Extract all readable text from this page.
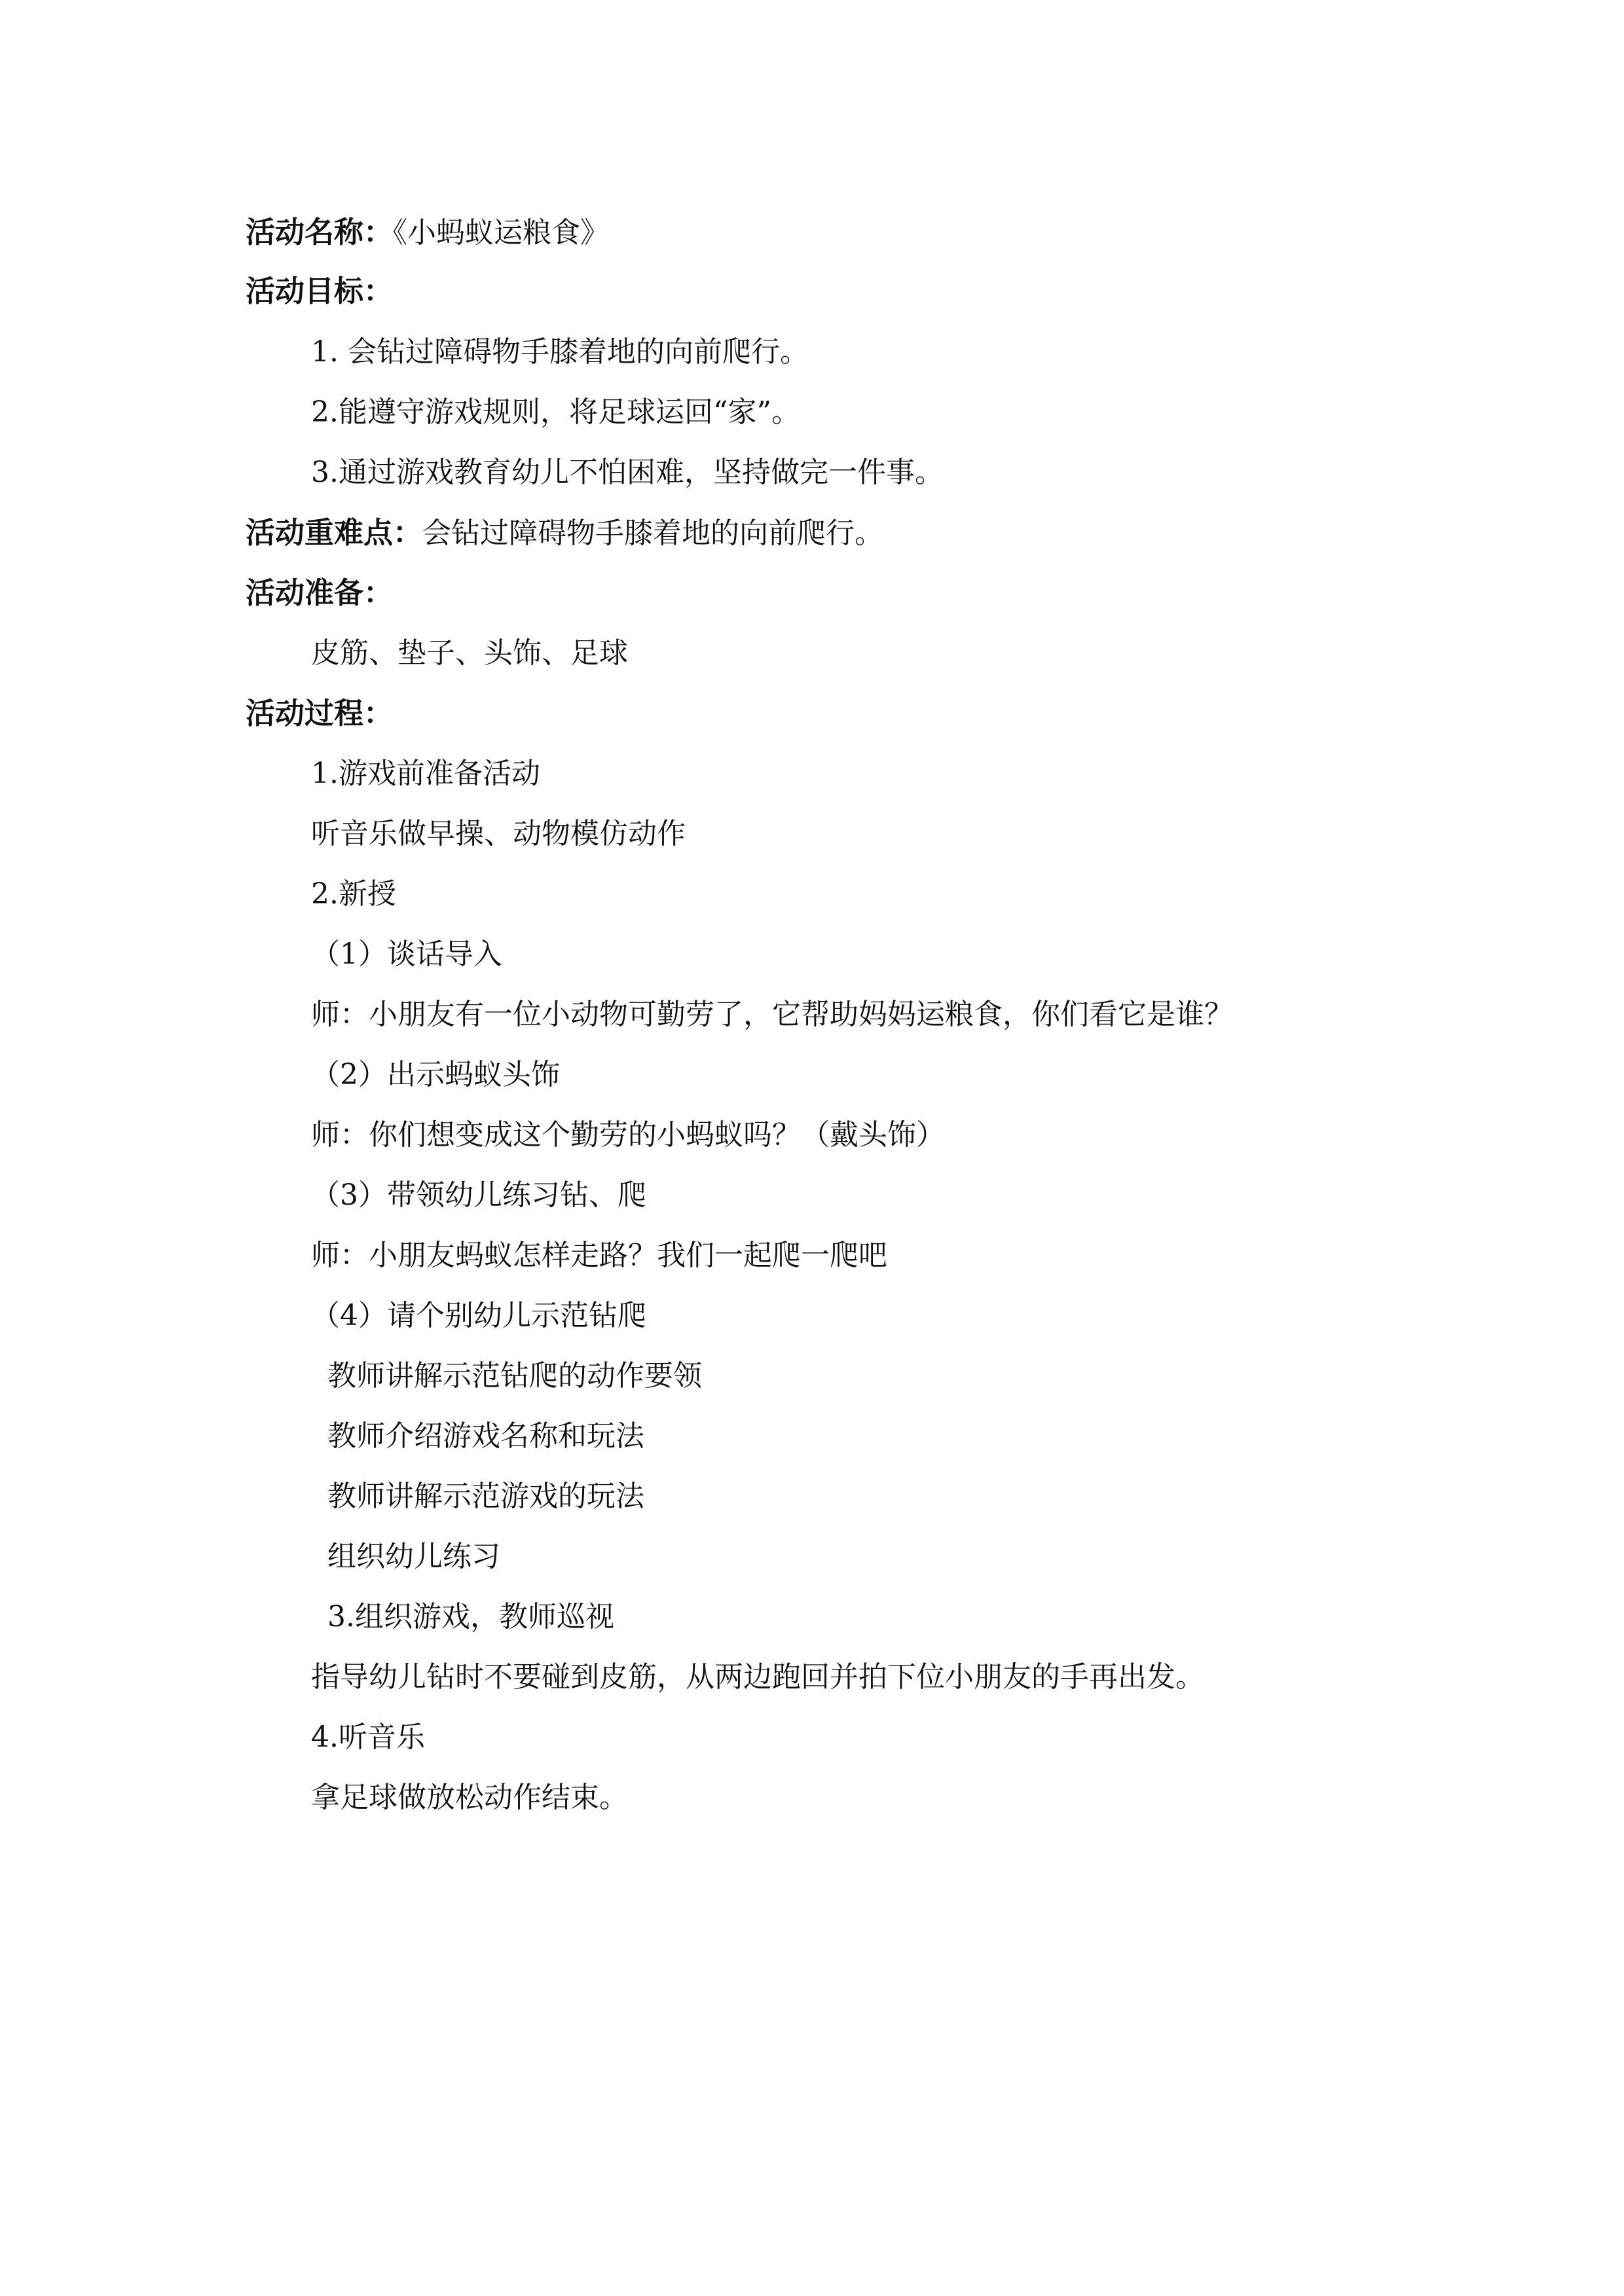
活动名称：《小蚂蚁运粮食》
活动目标：
1. 会钻过障碍物手膝着地的向前爬行。
2.能遵守游戏规则，将足球运回“家”。
3.通过游戏教育幼儿不怕困难，坚持做完一件事。
活动重难点：会钻过障碍物手膝着地的向前爬行。
活动准备：
皮筋、垫子、头饰、足球
活动过程：
1.游戏前准备活动
听音乐做早操、动物模仿动作
2.新授
（1）谈话导入
师：小朋友有一位小动物可勤劳了，它帮助妈妈运粮食，你们看它是谁？
（2）出示蚂蚁头饰
师：你们想变成这个勤劳的小蚂蚁吗？（戴头饰）
（3）带领幼儿练习钻、爬
师：小朋友蚂蚁怎样走路？我们一起爬一爬吧
（4）请个别幼儿示范钻爬
教师讲解示范钻爬的动作要领
教师介绍游戏名称和玩法
教师讲解示范游戏的玩法
组织幼儿练习
3.组织游戏，教师巡视
指导幼儿钻时不要碰到皮筋，从两边跑回并拍下位小朋友的手再出发。
4.听音乐
拿足球做放松动作结束。
